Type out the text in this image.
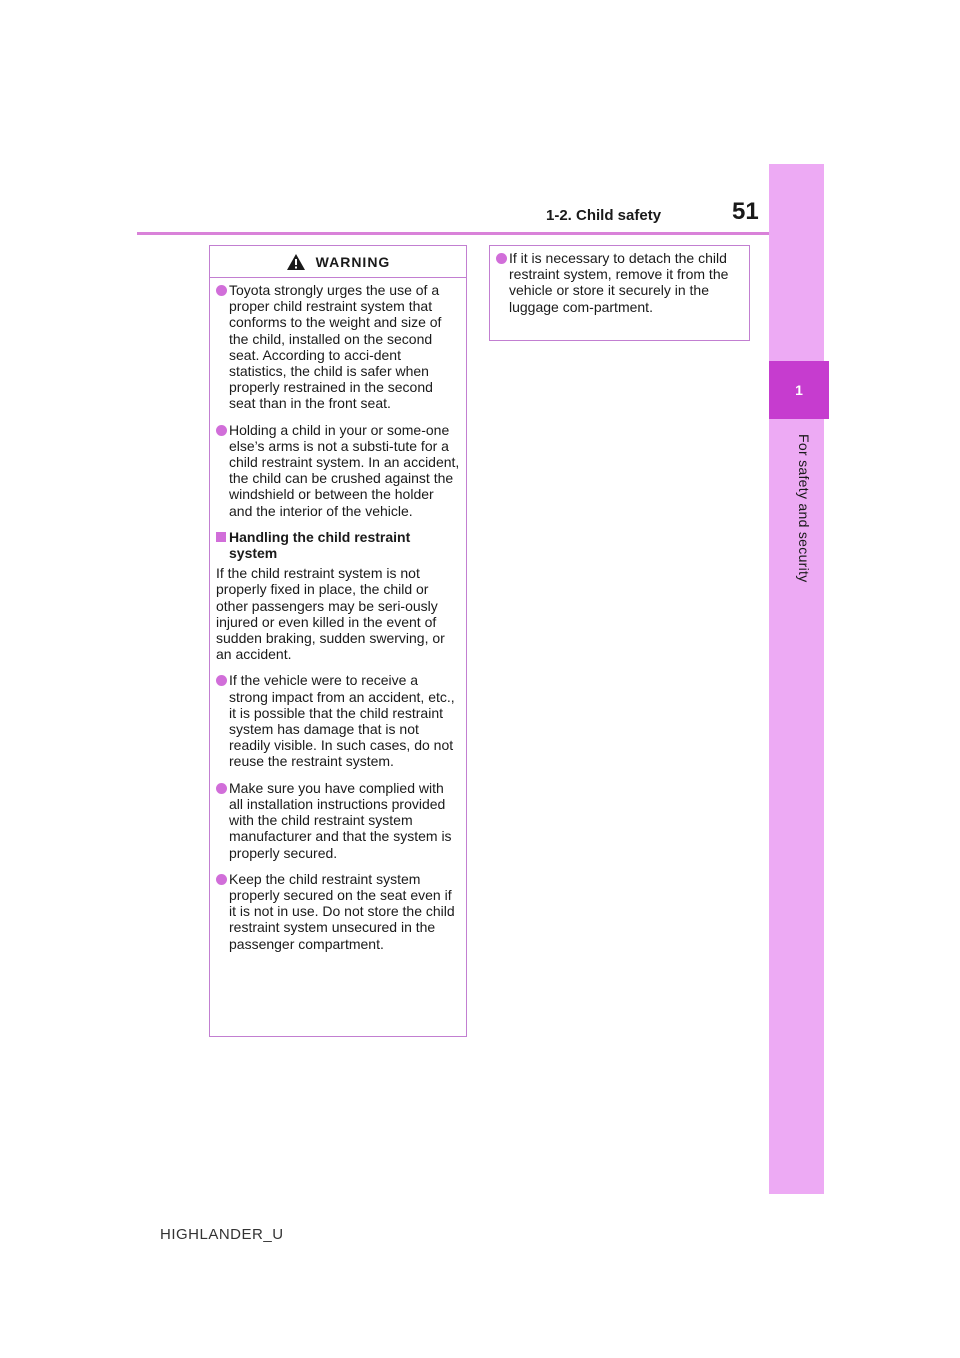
1-2. Child safety	51
1
For safety and security
WARNING
Toyota strongly urges the use of a proper child restraint system that conforms to the weight and size of the child, installed on the second seat. According to acci-dent statistics, the child is safer when properly restrained in the second seat than in the front seat.
Holding a child in your or some-one else’s arms is not a substi-tute for a child restraint system. In an accident, the child can be crushed against the windshield or between the holder and the interior of the vehicle.
Handling the child restraint system
If the child restraint system is not properly fixed in place, the child or other passengers may be seri-ously injured or even killed in the event of sudden braking, sudden swerving, or an accident.
If the vehicle were to receive a strong impact from an accident, etc., it is possible that the child restraint system has damage that is not readily visible. In such cases, do not reuse the restraint system.
Make sure you have complied with all installation instructions provided with the child restraint system manufacturer and that the system is properly secured.
Keep the child restraint system properly secured on the seat even if it is not in use. Do not store the child restraint system unsecured in the passenger compartment.
If it is necessary to detach the child restraint system, remove it from the vehicle or store it securely in the luggage com-partment.
HIGHLANDER_U
